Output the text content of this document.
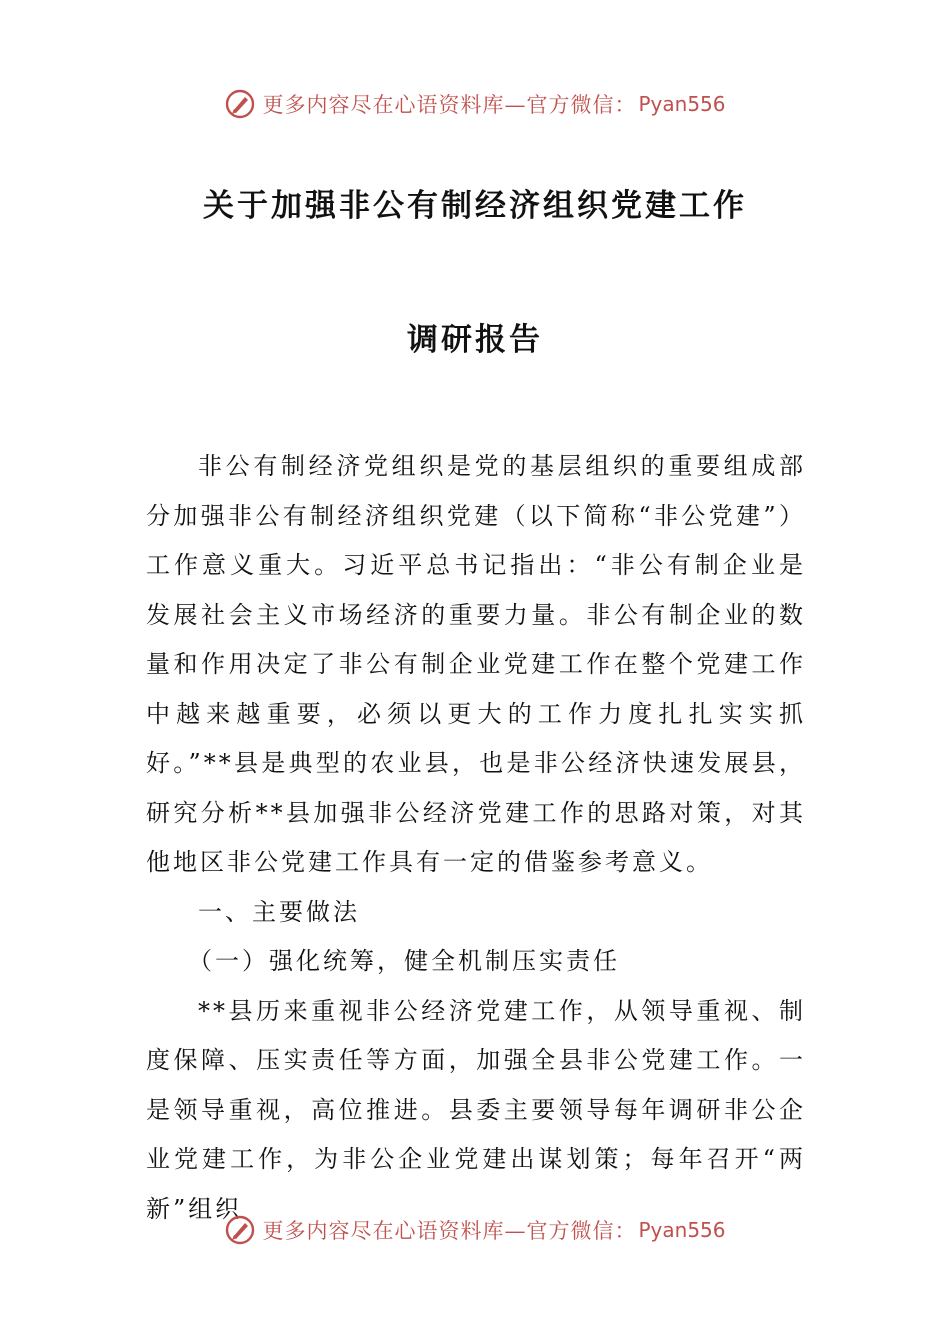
更多内容尽在心语资料库—官方微信： Pyan556
关于加强非公有制经济组织党建工作
调研报告

非公有制经济党组织是党的基层组织的重要组成部分加强非公有制经济组织党建（以下简称“非公党建”）工作意义重大。习近平总书记指出：“非公有制企业是发展社会主义市场经济的重要力量。非公有制企业的数量和作用决定了非公有制企业党建工作在整个党建工作中越来越重要，必须以更大的工作力度扎扎实实抓好。”**县是典型的农业县，也是非公经济快速发展县，研究分析**县加强非公经济党建工作的思路对策，对其他地区非公党建工作具有一定的借鉴参考意义。

一、主要做法

（一）强化统筹，健全机制压实责任

**县历来重视非公经济党建工作，从领导重视、制度保障、压实责任等方面，加强全县非公党建工作。一是领导重视，高位推进。县委主要领导每年调研非公企业党建工作，为非公企业党建出谋划策；每年召开“两新”组织

更多内容尽在心语资料库—官方微信： Pyan556
